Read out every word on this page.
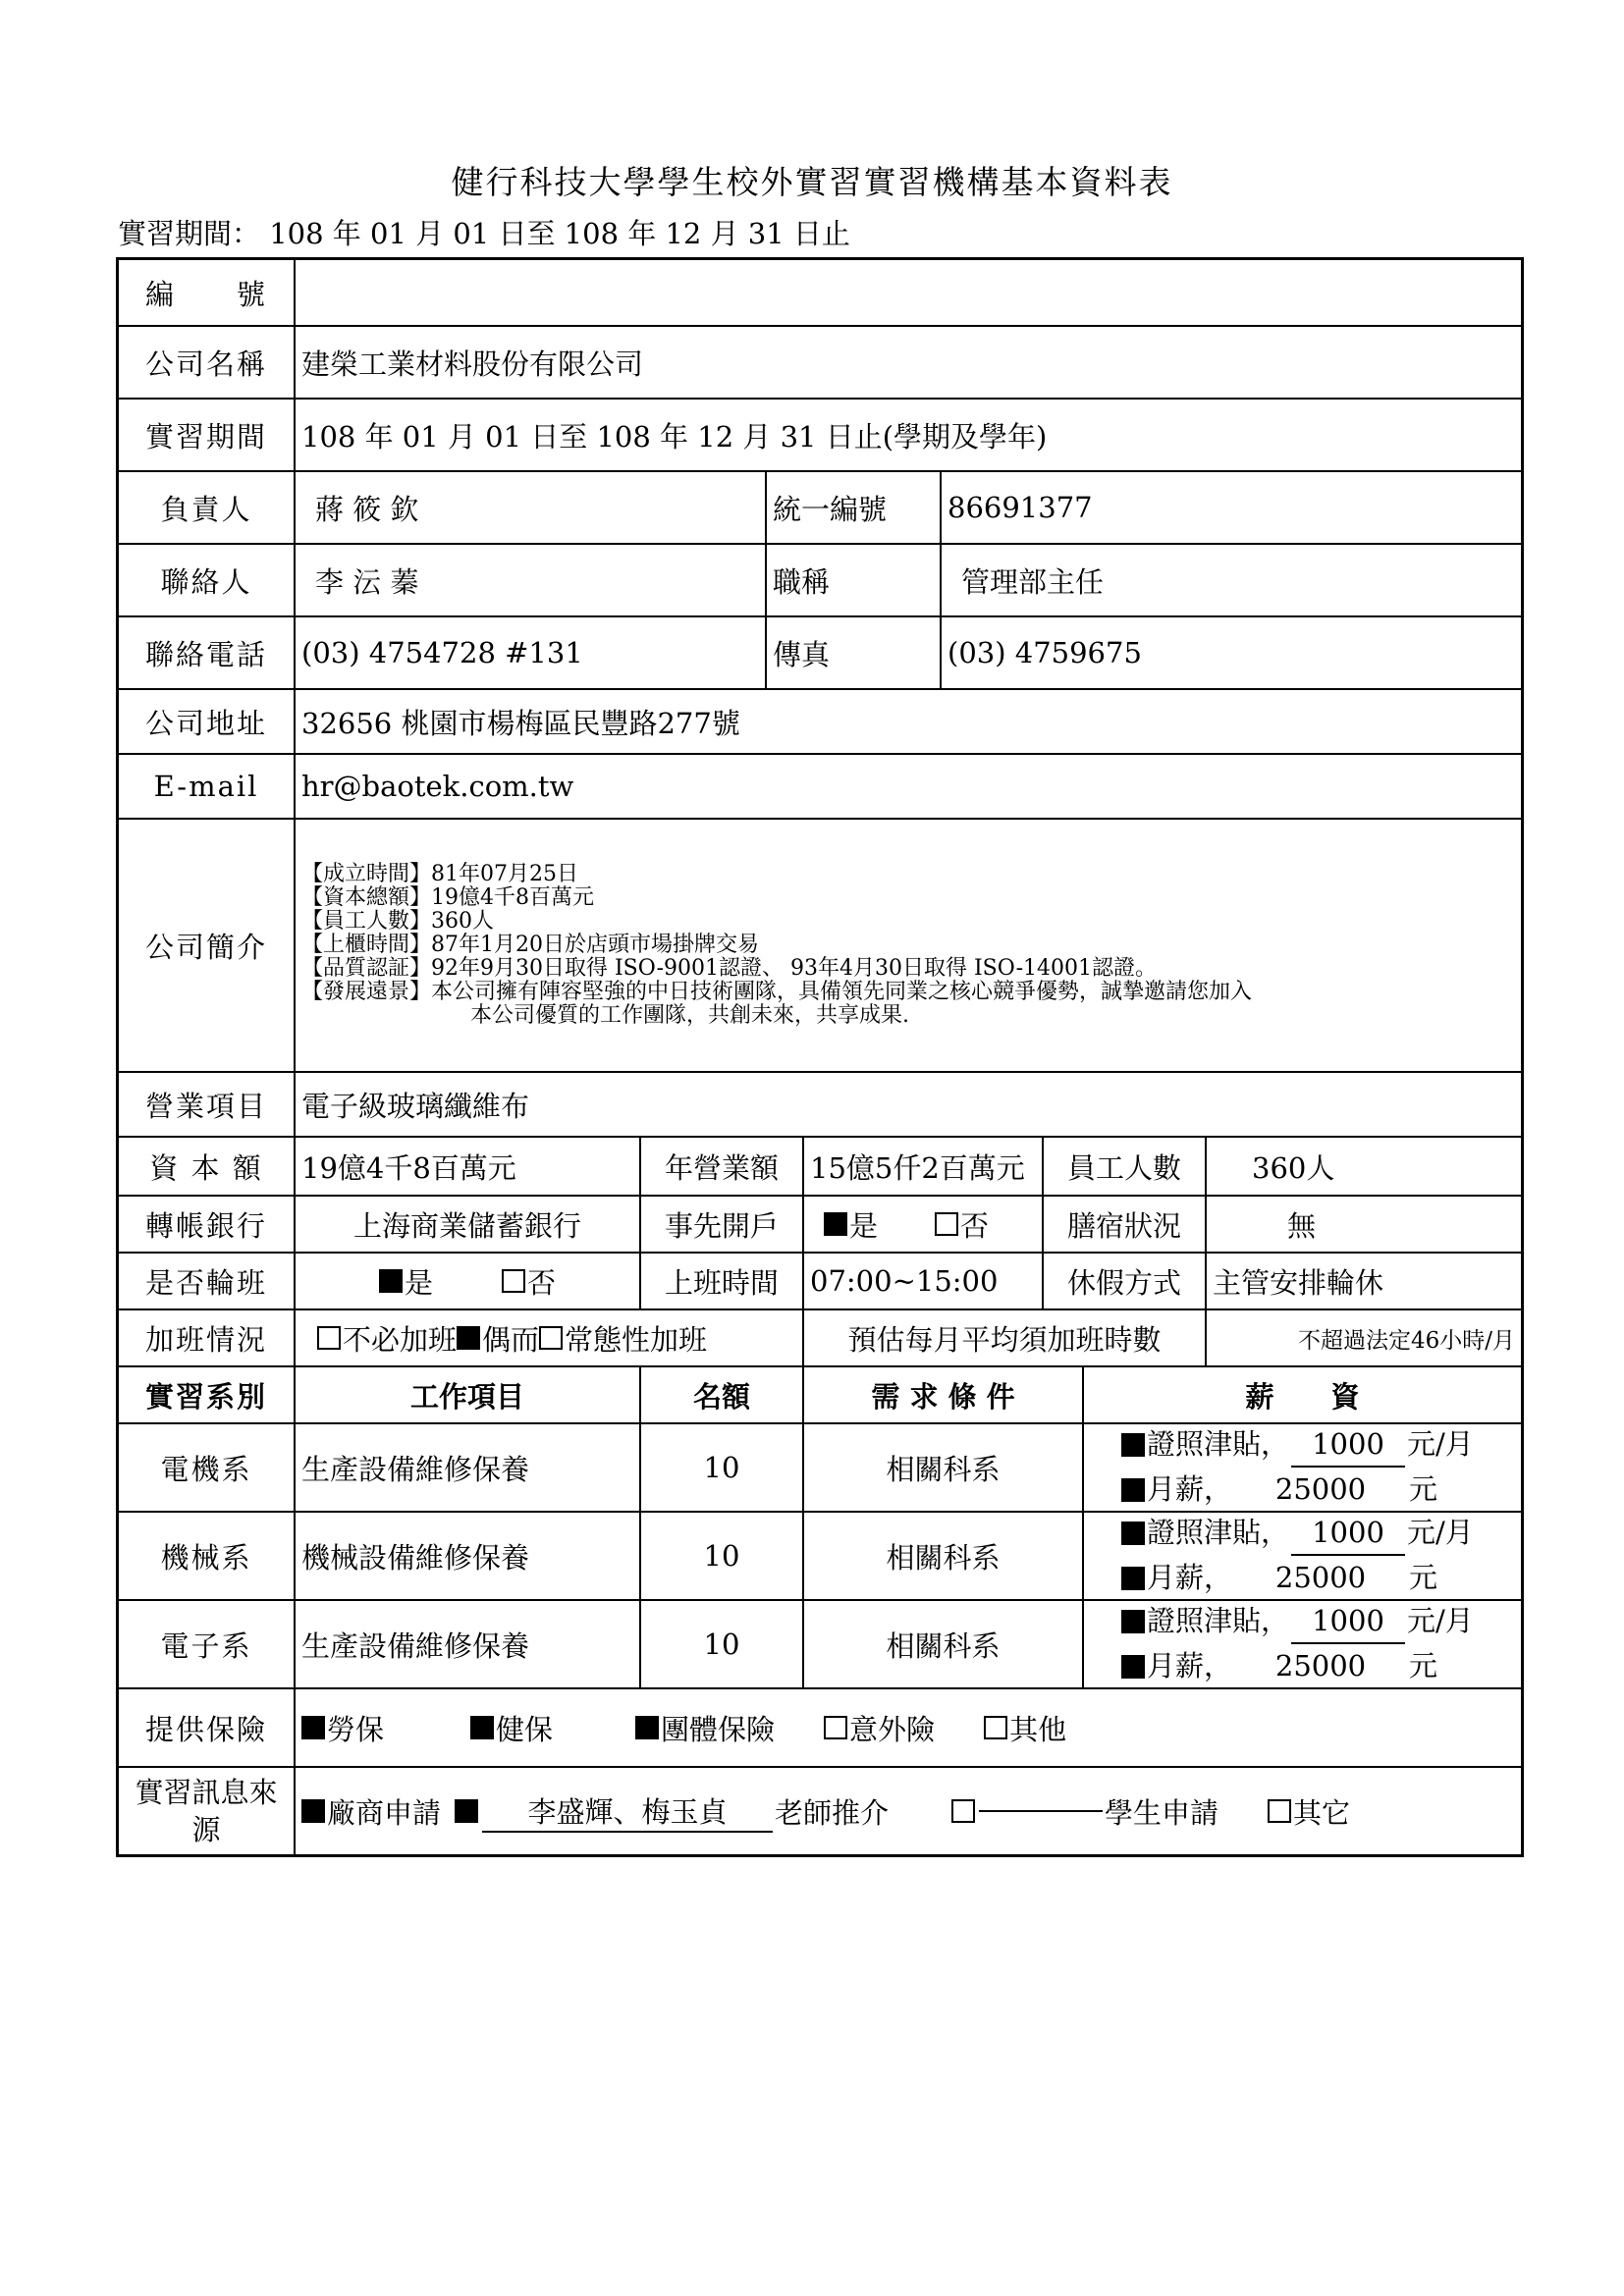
健行科技大學學生校外實習實習機構基本資料表
實習期間： 108 年 01 月 01 日至 108 年 12 月 31 日止
編　　號
公司名稱	建榮工業材料股份有限公司
實習期間	108 年 01 月 01 日至 108 年 12 月 31 日止(學期及學年)
負責人	蔣 筱 欽	統一編號	86691377
聯絡人	李 沄 蓁	職稱	管理部主任
聯絡電話	(03) 4754728 #131	傳真	(03) 4759675
公司地址	32656 桃園市楊梅區民豐路277號
E-mail	hr@baotek.com.tw
公司簡介
【成立時間】81年07月25日
【資本總額】19億4千8百萬元
【員工人數】360人
【上櫃時間】87年1月20日於店頭市場掛牌交易
【品質認証】92年9月30日取得 ISO-9001認證、 93年4月30日取得 ISO-14001認證。
【發展遠景】本公司擁有陣容堅強的中日技術團隊，具備領先同業之核心競爭優勢，誠摯邀請您加入
本公司優質的工作團隊，共創未來，共享成果.
營業項目	電子級玻璃纖維布
資 本 額	19億4千8百萬元	年營業額	15億5仟2百萬元	員工人數	360人
轉帳銀行	上海商業儲蓄銀行	事先開戶	是	否	膳宿狀況	無
是否輪班	是	否	上班時間	07:00~15:00	休假方式	主管安排輪休
加班情況	不必加班 偶而 常態性加班	預估每月平均須加班時數	不超過法定46小時/月
實習系別	工作項目	名額	需 求 條 件	薪　　資
電機系	生產設備維修保養	10	相關科系
證照津貼， 1000 元/月
月薪， 25000 元
機械系	機械設備維修保養	10	相關科系
證照津貼， 1000 元/月
月薪， 25000 元
電子系	生產設備維修保養	10	相關科系
證照津貼， 1000 元/月
月薪， 25000 元
提供保險	勞保	健保	團體保險	意外險	其他
實習訊息來
源
廠商申請	李盛輝、梅玉貞	老師推介	學生申請	其它
